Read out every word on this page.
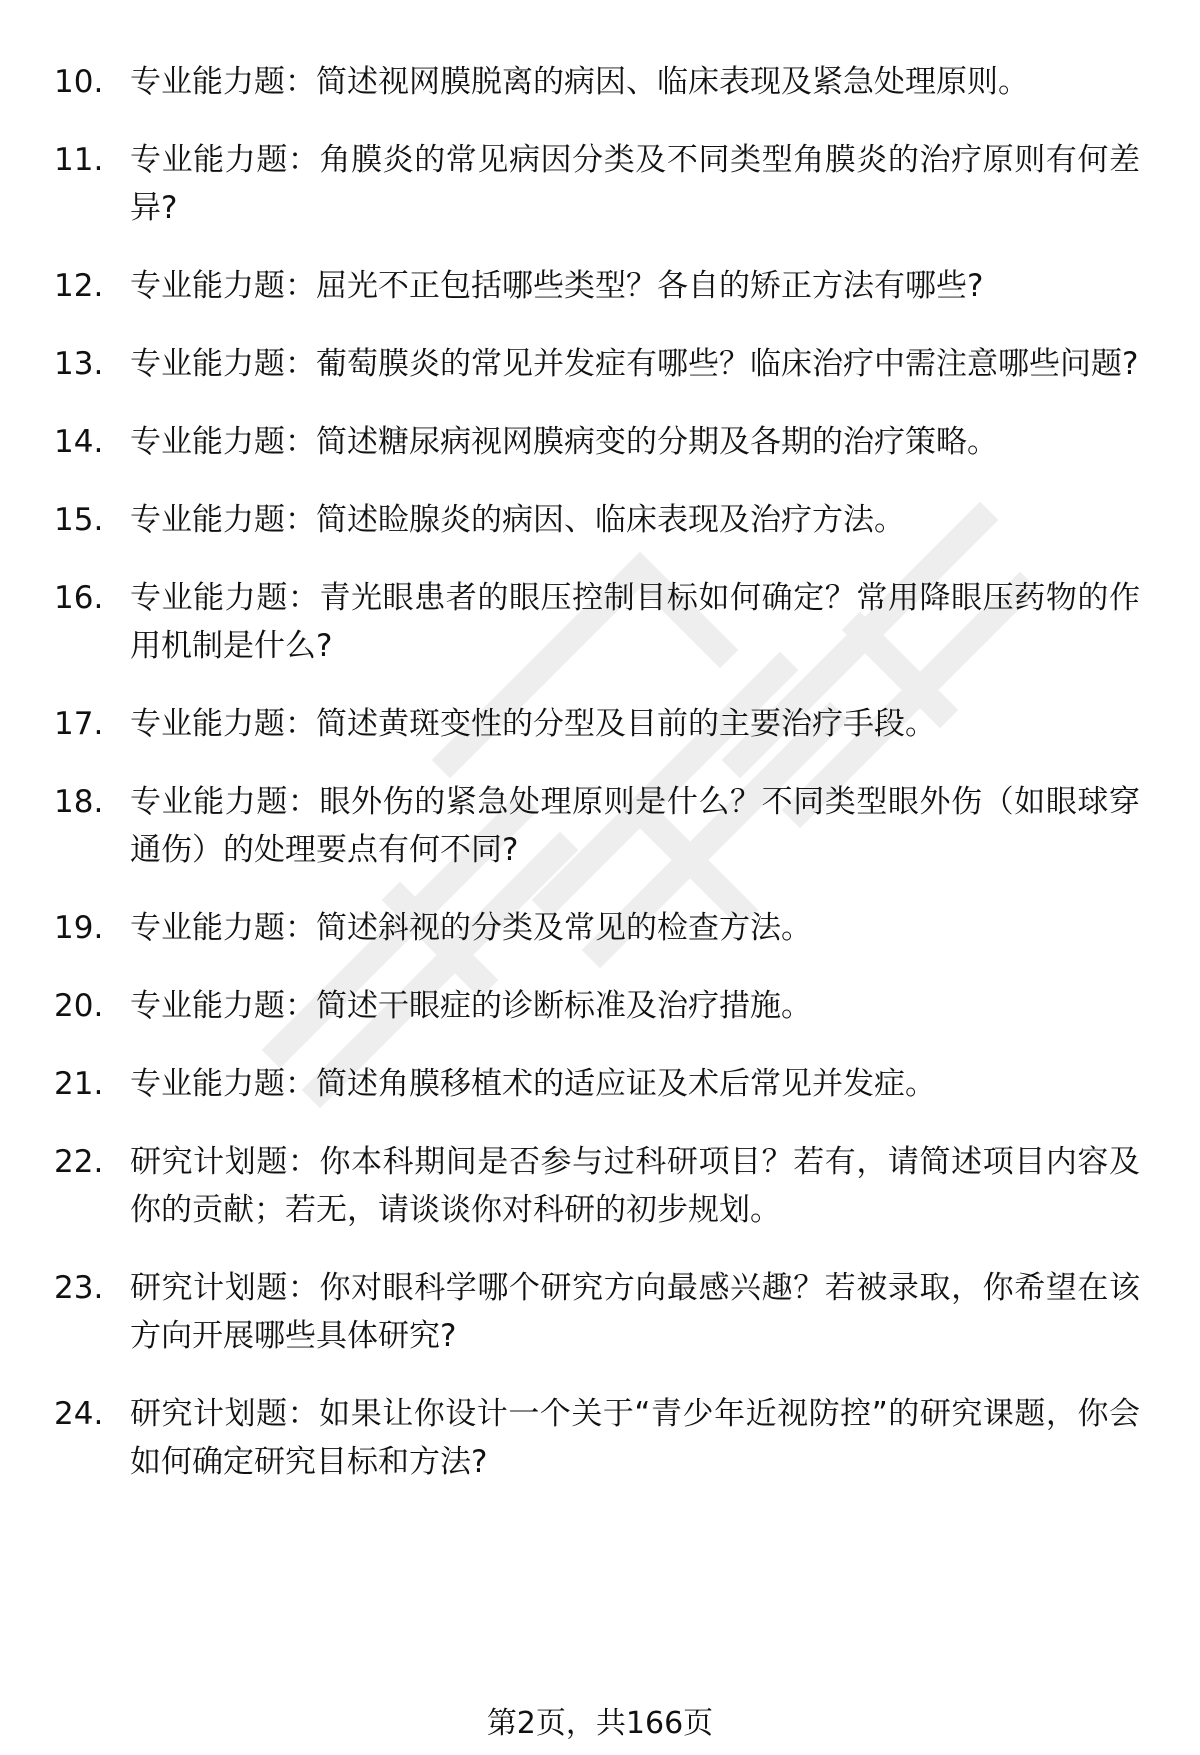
10. 专业能力题：简述视网膜脱离的病因、临床表现及紧急处理原则。
11. 专业能力题：角膜炎的常见病因分类及不同类型角膜炎的治疗原则有何差异?
12. 专业能力题：屈光不正包括哪些类型？各自的矫正方法有哪些?
13. 专业能力题：葡萄膜炎的常见并发症有哪些？临床治疗中需注意哪些问题?
14. 专业能力题：简述糖尿病视网膜病变的分期及各期的治疗策略。
15. 专业能力题：简述睑腺炎的病因、临床表现及治疗方法。
16. 专业能力题：青光眼患者的眼压控制目标如何确定？常用降眼压药物的作用机制是什么?
17. 专业能力题：简述黄斑变性的分型及目前的主要治疗手段。
18. 专业能力题：眼外伤的紧急处理原则是什么？不同类型眼外伤（如眼球穿通伤）的处理要点有何不同?
19. 专业能力题：简述斜视的分类及常见的检查方法。
20. 专业能力题：简述干眼症的诊断标准及治疗措施。
21. 专业能力题：简述角膜移植术的适应证及术后常见并发症。
22. 研究计划题：你本科期间是否参与过科研项目？若有，请简述项目内容及你的贡献；若无，请谈谈你对科研的初步规划。
23. 研究计划题：你对眼科学哪个研究方向最感兴趣？若被录取，你希望在该方向开展哪些具体研究?
24. 研究计划题：如果让你设计一个关于“青少年近视防控”的研究课题，你会如何确定研究目标和方法?
第2页，共166页
